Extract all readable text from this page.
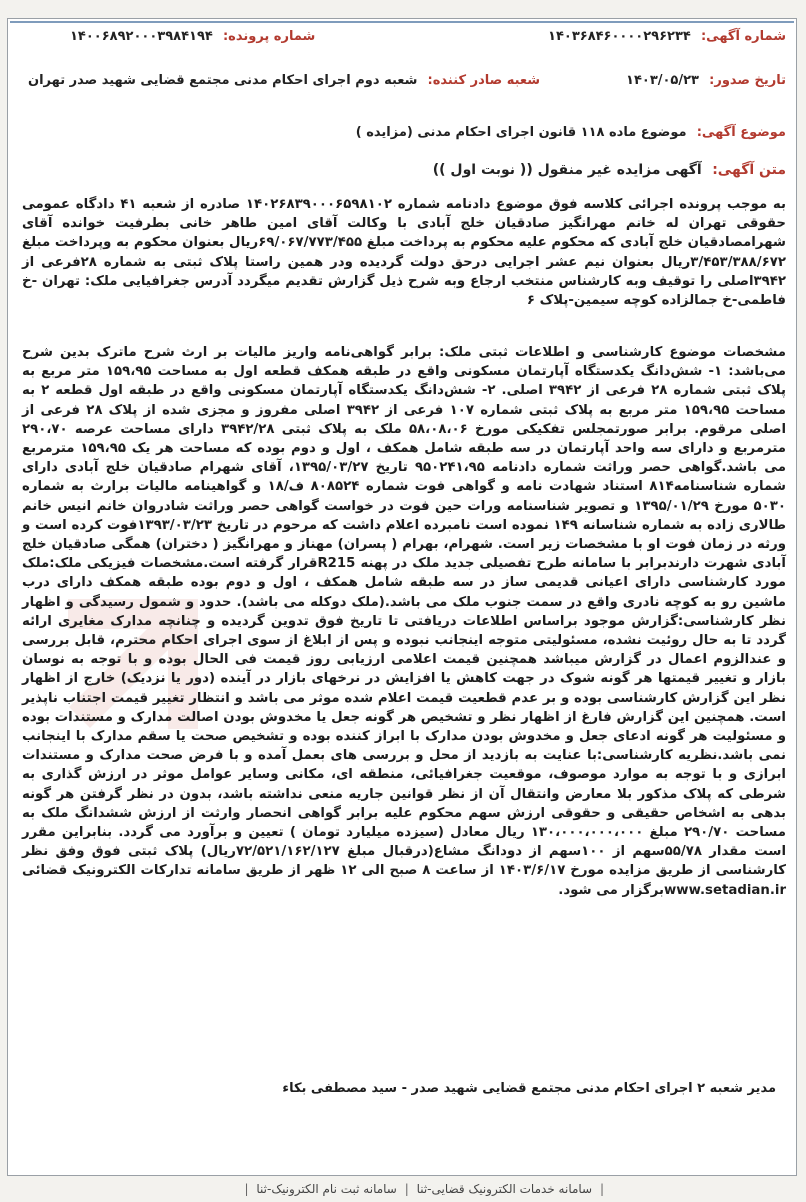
شماره آگهی: ۱۴۰۳۶۸۴۶۰۰۰۰۲۹۶۲۳۴
شماره پرونده: ۱۴۰۰۶۸۹۲۰۰۰۳۹۸۴۱۹۴
تاریخ صدور: ۱۴۰۳/۰۵/۲۳
شعبه صادر کننده: شعبه دوم اجرای احکام مدنی مجتمع قضایی شهید صدر تهران
موضوع آگهی: موضوع ماده ۱۱۸ قانون اجرای احکام مدنی (مزایده )
متن آگهی: آگهی مزایده غیر منقول (( نوبت اول ))
به موجب پرونده اجرائی کلاسه فوق موضوع دادنامه شماره ۱۴۰۲۶۸۳۹۰۰۰۶۵۹۸۱۰۲ صادره از شعبه ۴۱ دادگاه عمومی حقوقی تهران له خانم مهرانگیز صادقیان خلج آبادی با وکالت آقای امین طاهر خانی بطرفیت خوانده آقای شهرامصادقیان خلج آبادی که محکوم علیه محکوم به پرداخت مبلغ ۶۹/۰۶۷/۷۷۳/۴۵۵ریال بعنوان محکوم به وپرداخت مبلغ ۳/۴۵۳/۳۸۸/۶۷۲ریال بعنوان نیم عشر اجرایی درحق دولت گردیده ودر همین راستا پلاک ثبتی به شماره ۲۸فرعی از ۳۹۴۲اصلی را توقیف وبه کارشناس منتخب ارجاع وبه شرح ذیل گزارش تقدیم میگردد آدرس جغرافیایی ملک: تهران -خ فاطمی-خ جمالزاده کوچه سیمین-پلاک ۶
مشخصات موضوع کارشناسی و اطلاعات ثبتی ملک: برابر گواهی‌نامه واریز مالیات بر ارث شرح ماترک بدین شرح می‌باشد: ۱- شش‌دانگ یکدستگاه آپارتمان مسکونی واقع در طبقه همکف قطعه اول به مساحت ۱۵۹،۹۵ متر مربع به پلاک ثبتی شماره ۲۸ فرعی از ۳۹۴۲ اصلی. ۲- شش‌دانگ یکدستگاه آپارتمان مسکونی واقع در طبقه اول قطعه ۲ به مساحت ۱۵۹،۹۵ متر مربع به پلاک ثبتی شماره ۱۰۷ فرعی از ۳۹۴۲ اصلی مفروز و مجزی شده از پلاک ۲۸ فرعی از اصلی مرقوم. برابر صورتمجلس تفکیکی مورخ ۵۸،۰۸،۰۶ ملک به پلاک ثبتی ۳۹۴۲/۲۸ دارای مساحت عرصه ۲۹۰،۷۰ مترمربع و دارای سه واحد آپارتمان در سه طبقه شامل همکف ، اول و دوم بوده که مساحت هر یک ۱۵۹،۹۵ مترمربع می باشد.گواهی حصر وراثت شماره دادنامه ۹۵۰۲۴۱،۹۵ تاریخ ۱۳۹۵/۰۳/۲۷، آقای شهرام صادقیان خلج آبادی دارای شماره شناسنامه۸۱۴ استناد شهادت نامه و گواهی فوت شماره ۸۰۸۵۲۴ ف/۱۸ و گواهینامه مالیات برارث به شماره ۵۰۳۰ مورخ ۱۳۹۵/۰۱/۲۹ و تصویر شناسنامه ورات حین فوت در خواست گواهی حصر وراثت شادروان خانم انیس خانم طالاری زاده به شماره شناسانه ۱۴۹ نموده است نامبرده اعلام داشت که مرحوم در تاریخ ۱۳۹۳/۰۳/۲۳فوت کرده است و ورثه در زمان فوت او با مشخصات زیر است. شهرام، بهرام ( پسران) مهناز و مهرانگیز ( دختران) همگی صادقیان خلج آبادی شهرت دارندبرابر با سامانه طرح تفصیلی جدید ملک در پهنه R215قرار گرفته است.مشخصات فیزیکی ملک:ملک مورد کارشناسی دارای اعیانی قدیمی ساز در سه طبقه شامل همکف ، اول و دوم بوده طبقه همکف دارای درب ماشین رو به کوچه نادری واقع در سمت جنوب ملک می باشد.(ملک دوکله می باشد). حدود و شمول رسیدگی و اظهار نظر کارشناسی:گزارش موجود براساس اطلاعات دریافتی تا تاریخ فوق تدوین گردیده و چنانچه مدارک مغایری ارائه گردد تا به حال روئیت نشده، مسئولیتی متوجه اینجانب نبوده و پس از ابلاغ از سوی اجرای احکام محترم، قابل بررسی و عندالزوم اعمال در گزارش میباشد همچنین قیمت اعلامی ارزیابی روز قیمت فی الحال بوده و با توجه به نوسان بازار و تغییر قیمتها هر گونه شوک در جهت کاهش یا افزایش در نرخهای بازار در آینده (دور یا نزدیک) خارج از اظهار نظر این گزارش کارشناسی بوده و بر عدم قطعیت قیمت اعلام شده موثر می باشد و انتظار تغییر قیمت اجتناب ناپذیر است. همچنین این گزارش فارغ از اظهار نظر و تشخیص هر گونه جعل یا مخدوش بودن اصالت مدارک و مستندات بوده و مسئولیت هر گونه ادعای جعل و مخدوش بودن مدارک با ابراز کننده بوده و تشخیص صحت یا سقم مدارک با اینجانب نمی باشد.نظریه کارشناسی:با عنایت به بازدید از محل و بررسی های بعمل آمده و با فرض صحت مدارک و مستندات ابرازی و با توجه به موارد موصوف، موقعیت جغرافیائی، منطقه ای، مکانی وسایر عوامل موثر در ارزش گذاری به شرطی که پلاک مذکور بلا معارض وانتقال آن از نظر قوانین جاریه منعی نداشته باشد، بدون در نظر گرفتن هر گونه بدهی به اشخاص حقیقی و حقوقی ارزش سهم محکوم علیه برابر گواهی انحصار وارثت از ارزش ششدانگ ملک به مساحت ۲۹۰/۷۰ مبلغ ۱۳۰،۰۰۰،۰۰۰،۰۰۰ ریال معادل (سیزده میلیارد تومان ) تعیین و برآورد می گردد. بنابراین مقرر است مقدار ۵۵/۷۸سهم از ۱۰۰سهم از دودانگ مشاع(درقبال مبلغ ۷۲/۵۲۱/۱۶۲/۱۲۷ریال) پلاک ثبتی فوق وفق نظر کارشناسی از طریق مزایده مورخ ۱۴۰۳/۶/۱۷ از ساعت ۸ صبح الی ۱۲ ظهر از طریق سامانه تدارکات الکترونیک قضائی www.setadian.irبرگزار می شود.
مدیر شعبه ۲ اجرای احکام مدنی مجتمع قضایی شهید صدر - سید مصطفی بکاء
| سامانه خدمات الکترونیک قضایی-ثنا | سامانه ثبت نام الکترونیک-ثنا |
